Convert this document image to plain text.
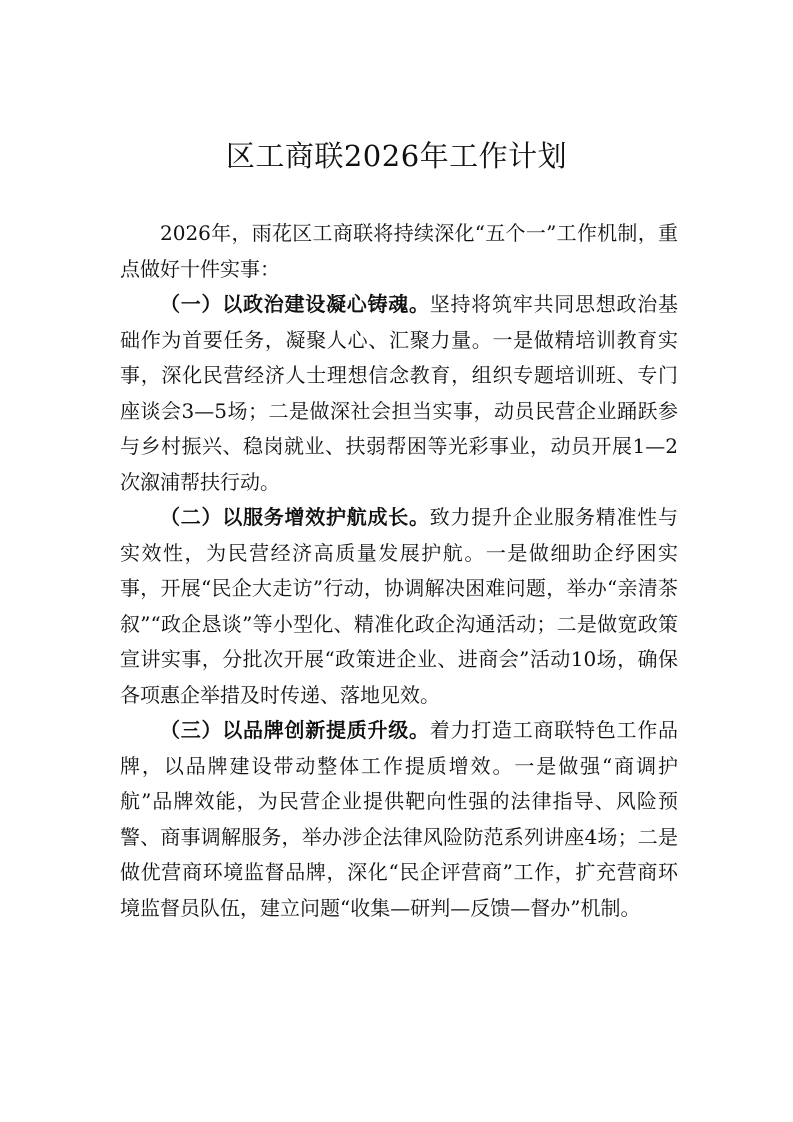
区工商联2026年工作计划

2026年，雨花区工商联将持续深化“五个一”工作机制，重点做好十件实事：

（一）以政治建设凝心铸魂。坚持将筑牢共同思想政治基础作为首要任务，凝聚人心、汇聚力量。一是做精培训教育实事，深化民营经济人士理想信念教育，组织专题培训班、专门座谈会3—5场；二是做深社会担当实事，动员民营企业踊跃参与乡村振兴、稳岗就业、扶弱帮困等光彩事业，动员开展1—2次溆浦帮扶行动。

（二）以服务增效护航成长。致力提升企业服务精准性与实效性，为民营经济高质量发展护航。一是做细助企纾困实事，开展“民企大走访”行动，协调解决困难问题，举办“亲清茶叙”“政企恳谈”等小型化、精准化政企沟通活动；二是做宽政策宣讲实事，分批次开展“政策进企业、进商会”活动10场，确保各项惠企举措及时传递、落地见效。

（三）以品牌创新提质升级。着力打造工商联特色工作品牌，以品牌建设带动整体工作提质增效。一是做强“商调护航”品牌效能，为民营企业提供靶向性强的法律指导、风险预警、商事调解服务，举办涉企法律风险防范系列讲座4场；二是做优营商环境监督品牌，深化“民企评营商”工作，扩充营商环境监督员队伍，建立问题“收集—研判—反馈—督办”机制。
